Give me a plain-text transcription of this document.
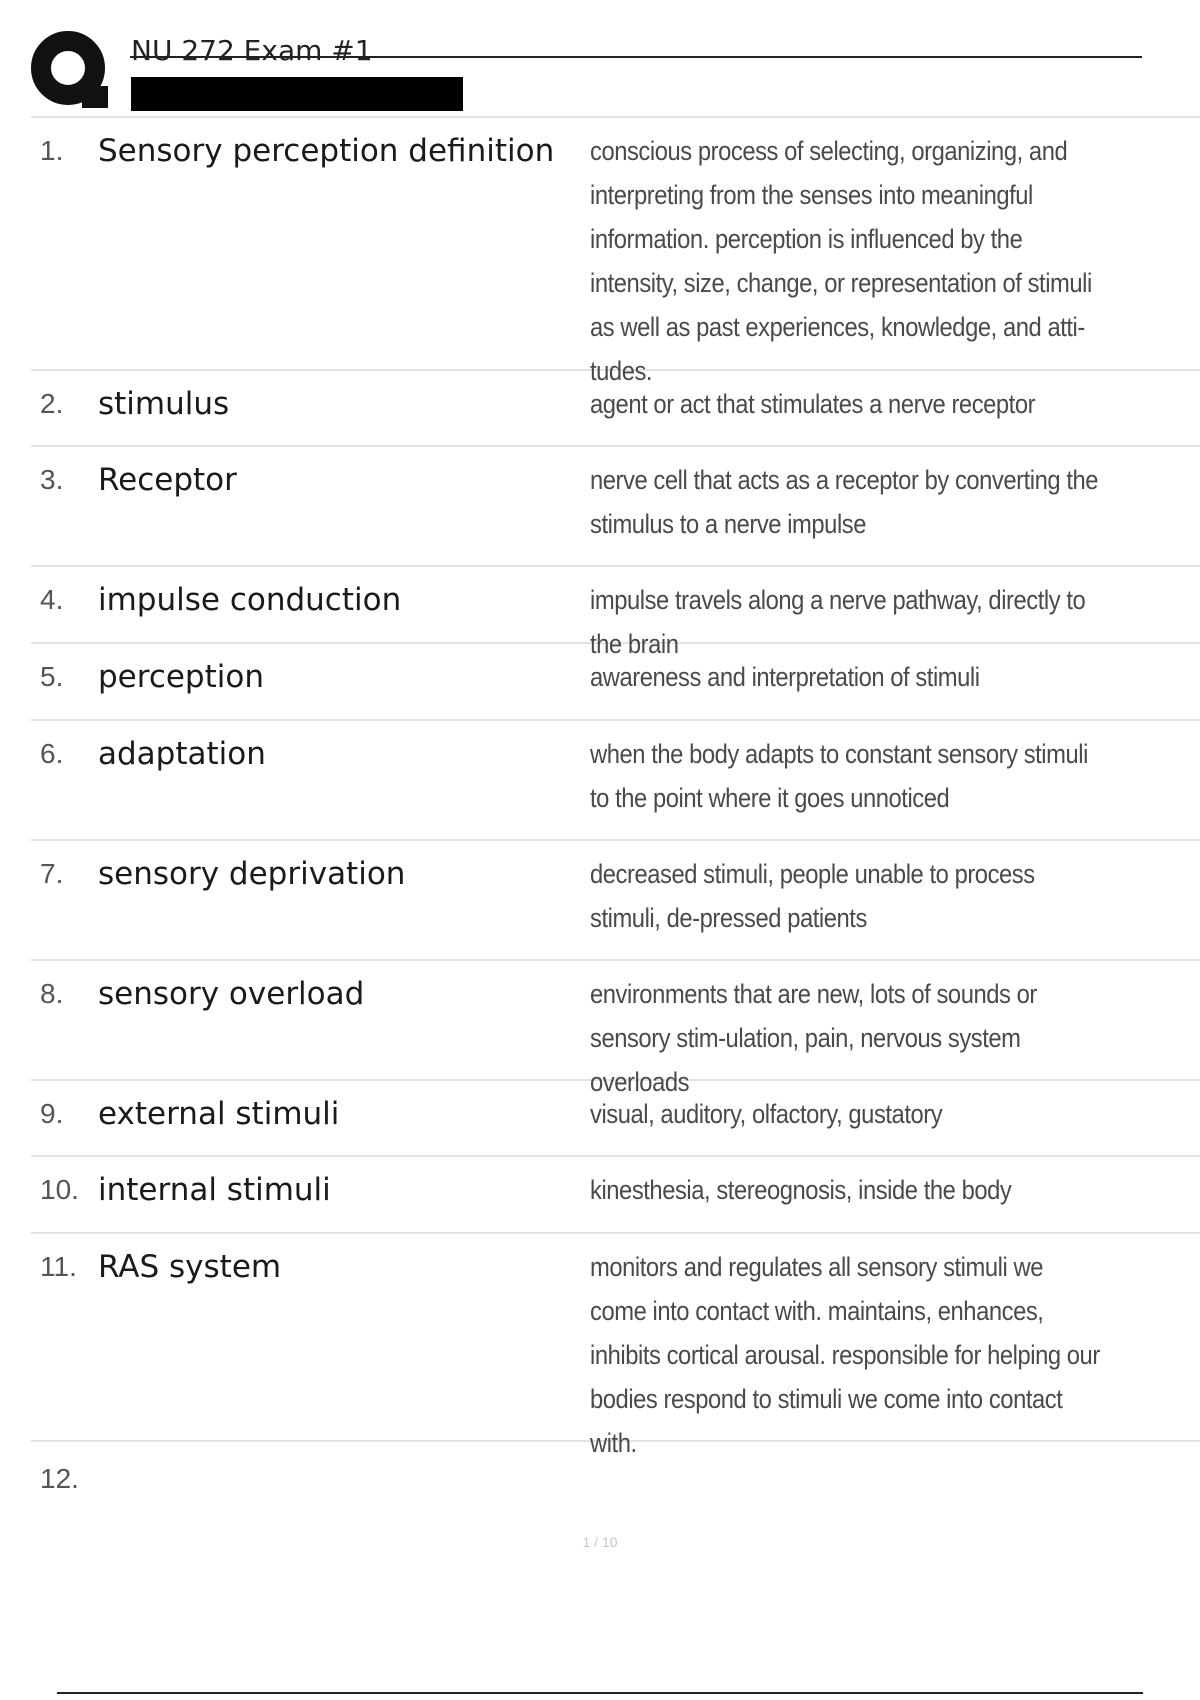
NU 272 Exam #1
1.	Sensory perception definition	conscious process of selecting, organizing, and interpreting from the senses into meaningful information. perception is influenced by the intensity, size, change, or representation of stimuli as well as past experiences, knowledge, and atti-tudes.
2.	stimulus	agent or act that stimulates a nerve receptor
3.	Receptor	nerve cell that acts as a receptor by converting the stimulus to a nerve impulse
4.	impulse conduction	impulse travels along a nerve pathway, directly to the brain
5.	perception	awareness and interpretation of stimuli
6.	adaptation	when the body adapts to constant sensory stimuli to the point where it goes unnoticed
7.	sensory deprivation	decreased stimuli, people unable to process stimuli, de-pressed patients
8.	sensory overload	environments that are new, lots of sounds or sensory stim-ulation, pain, nervous system overloads
9.	external stimuli	visual, auditory, olfactory, gustatory
10. internal stimuli	kinesthesia, stereognosis, inside the body
11. RAS system	monitors and regulates all sensory stimuli we come into contact with. maintains, enhances, inhibits cortical arousal. responsible for helping our bodies respond to stimuli we come into contact with.
12.
1 / 10
